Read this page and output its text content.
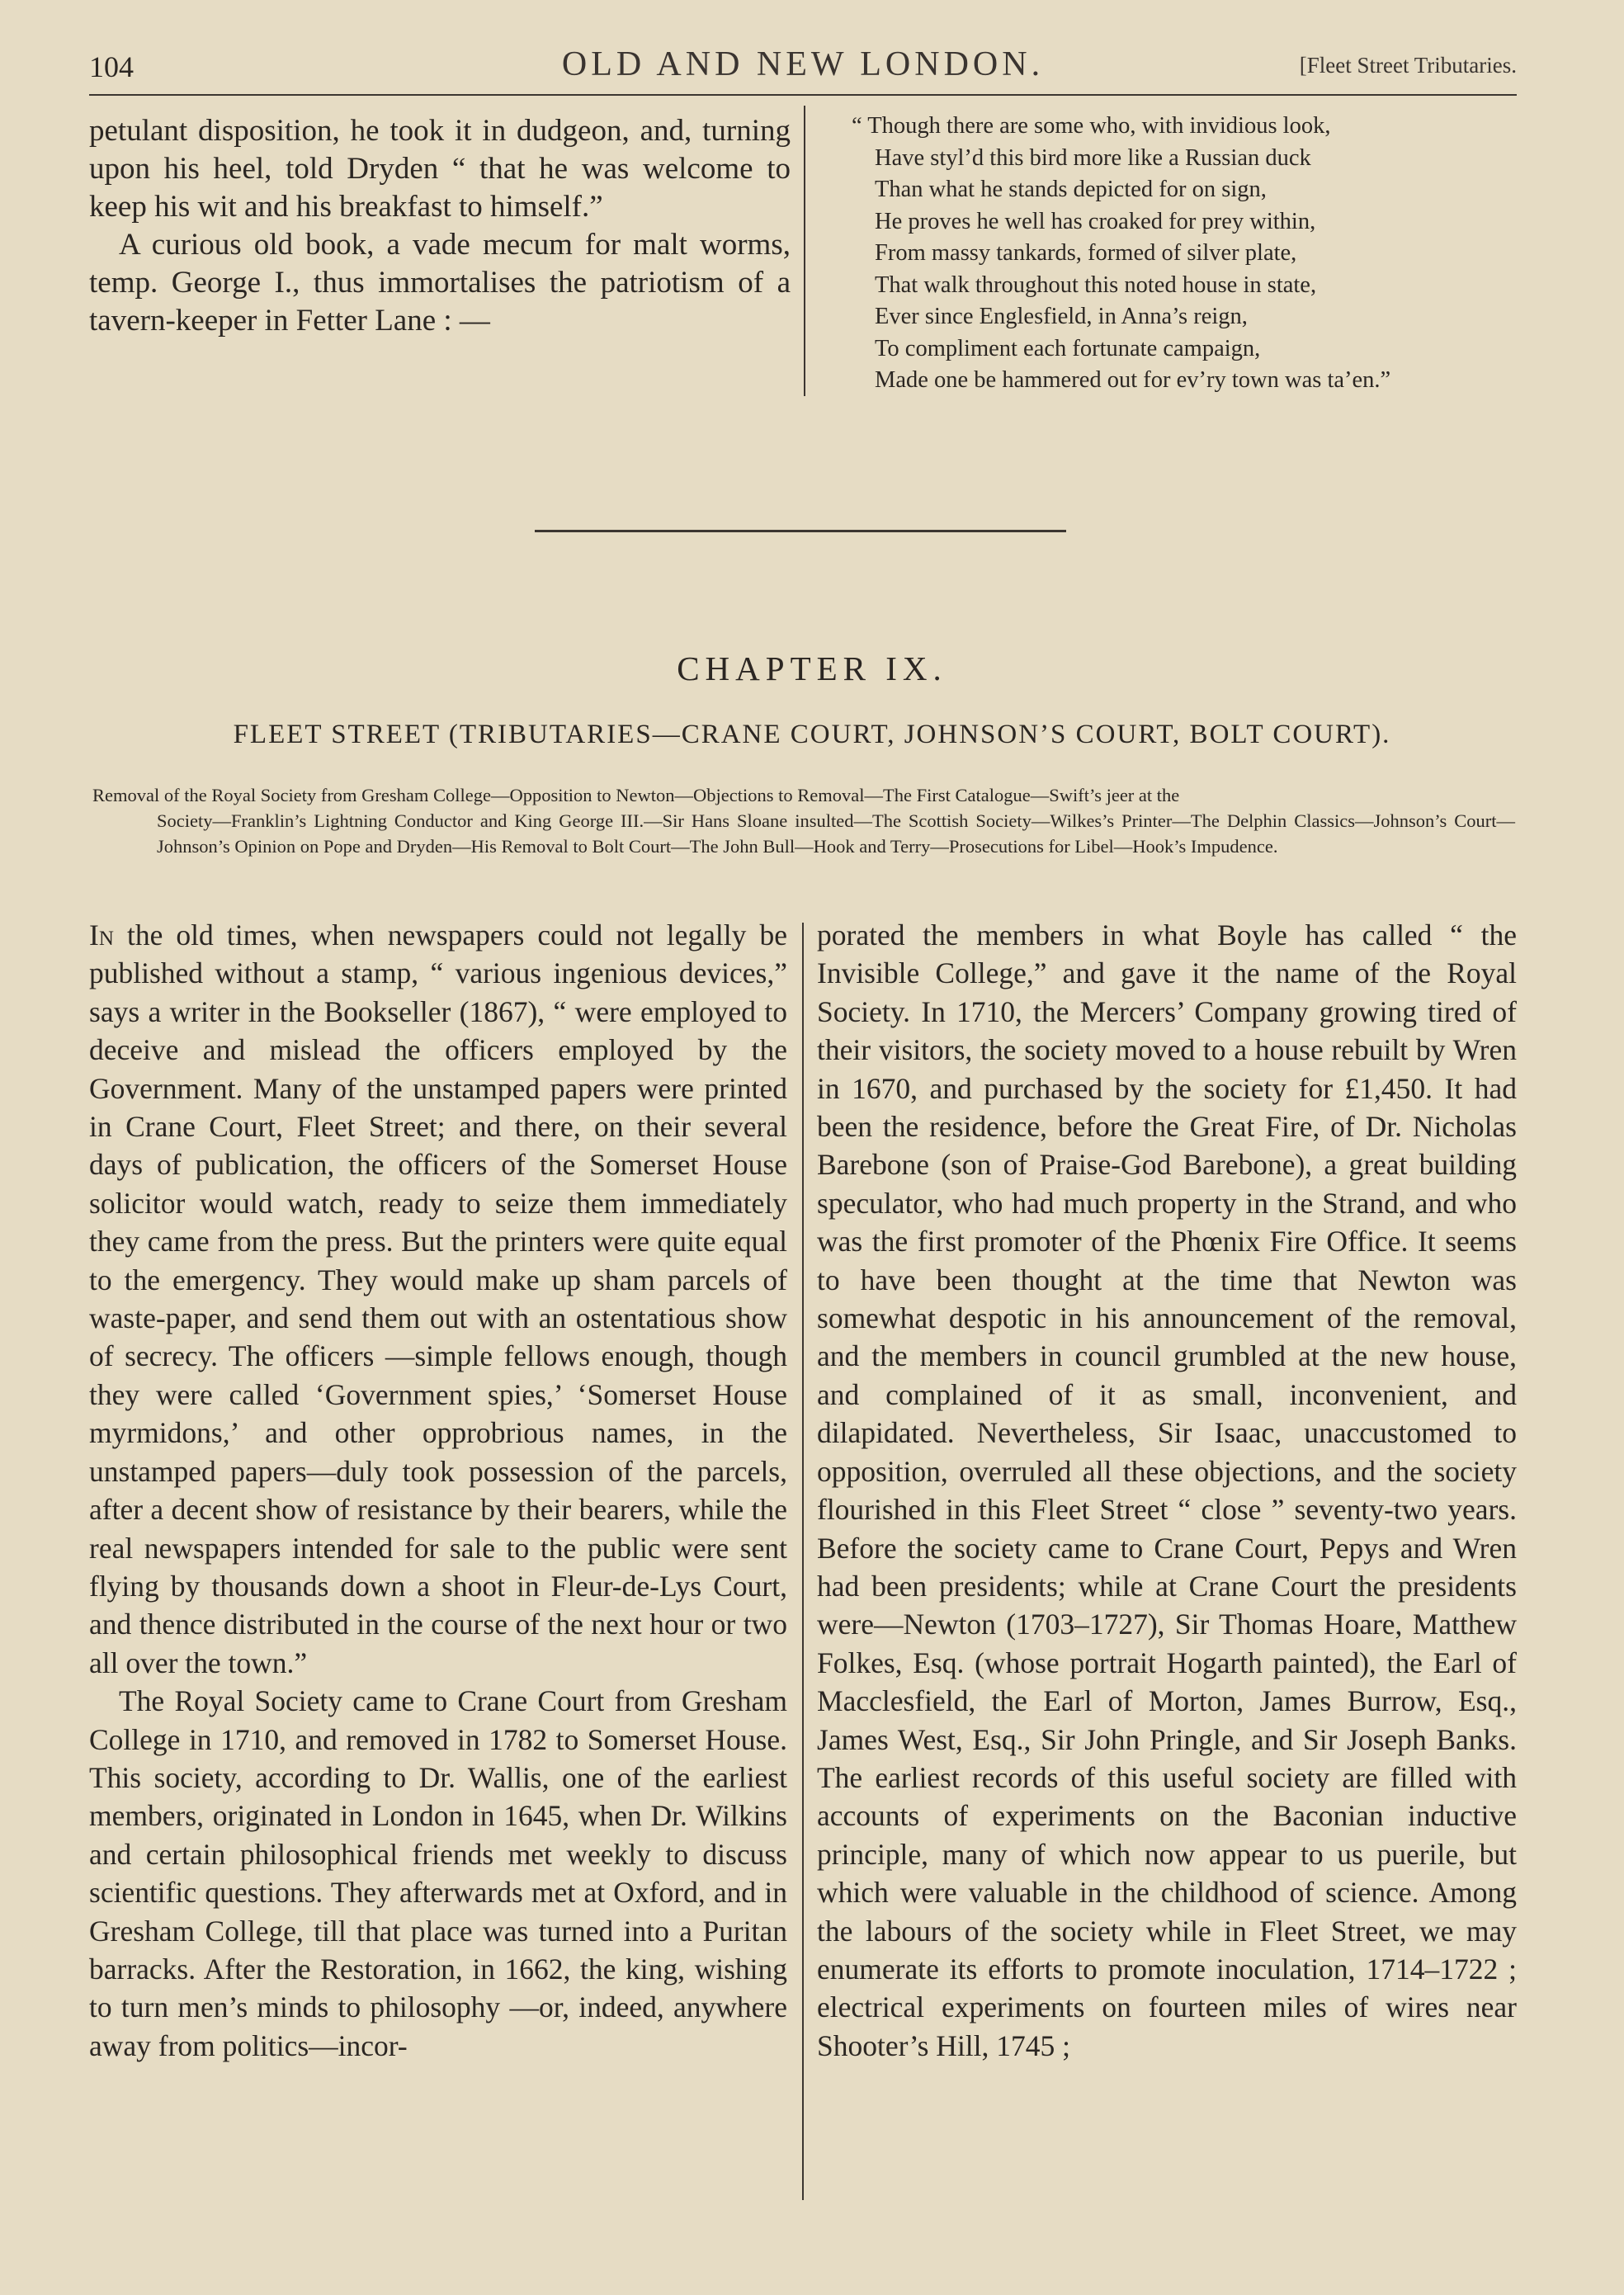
104	OLD AND NEW LONDON.	[Fleet Street Tributaries.

petulant disposition, he took it in dudgeon, and, turning upon his heel, told Dryden “ that he was welcome to keep his wit and his breakfast to himself.”

A curious old book, a vade mecum for malt worms, temp. George I., thus immortalises the patriotism of a tavern-keeper in Fetter Lane : —

“ Though there are some who, with invidious look,
Have styl’d this bird more like a Russian duck
Than what he stands depicted for on sign,
He proves he well has croaked for prey within,
From massy tankards, formed of silver plate,
That walk throughout this noted house in state,
Ever since Englesfield, in Anna’s reign,
To compliment each fortunate campaign,
Made one be hammered out for ev’ry town was ta’en.”
CHAPTER IX.
FLEET STREET (TRIBUTARIES—CRANE COURT, JOHNSON’S COURT, BOLT COURT).
Removal of the Royal Society from Gresham College—Opposition to Newton—Objections to Removal—The First Catalogue—Swift’s jeer at the
Society—Franklin’s Lightning Conductor and King George III.—Sir Hans Sloane insulted—The Scottish Society—Wilkes’s Printer—The Delphin Classics—Johnson’s Court—Johnson’s Opinion on Pope and Dryden—His Removal to Bolt Court—The John Bull—Hook and Terry—Prosecutions for Libel—Hook’s Impudence.

In the old times, when newspapers could not legally be published without a stamp, “ various ingenious devices,” says a writer in the Bookseller (1867), “ were employed to deceive and mislead the officers employed by the Government. Many of the unstamped papers were printed in Crane Court, Fleet Street; and there, on their several days of publication, the officers of the Somerset House solicitor would watch, ready to seize them immediately they came from the press. But the printers were quite equal to the emergency. They would make up sham parcels of waste-paper, and send them out with an ostentatious show of secrecy. The officers —simple fellows enough, though they were called ‘Government spies,’ ‘Somerset House myrmidons,’ and other opprobrious names, in the unstamped papers—duly took possession of the parcels, after a decent show of resistance by their bearers, while the real newspapers intended for sale to the public were sent flying by thousands down a shoot in Fleur-de-Lys Court, and thence distributed in the course of the next hour or two all over the town.”

The Royal Society came to Crane Court from Gresham College in 1710, and removed in 1782 to Somerset House. This society, according to Dr. Wallis, one of the earliest members, originated in London in 1645, when Dr. Wilkins and certain philosophical friends met weekly to discuss scientific questions. They afterwards met at Oxford, and in Gresham College, till that place was turned into a Puritan barracks. After the Restoration, in 1662, the king, wishing to turn men’s minds to philosophy —or, indeed, anywhere away from politics—incor-

porated the members in what Boyle has called “ the Invisible College,” and gave it the name of the Royal Society. In 1710, the Mercers’ Company growing tired of their visitors, the society moved to a house rebuilt by Wren in 1670, and purchased by the society for £1,450. It had been the residence, before the Great Fire, of Dr. Nicholas Barebone (son of Praise-God Barebone), a great building speculator, who had much property in the Strand, and who was the first promoter of the Phœnix Fire Office. It seems to have been thought at the time that Newton was somewhat despotic in his announcement of the removal, and the members in council grumbled at the new house, and complained of it as small, inconvenient, and dilapidated. Nevertheless, Sir Isaac, unaccustomed to opposition, overruled all these objections, and the society flourished in this Fleet Street “ close ” seventy-two years. Before the society came to Crane Court, Pepys and Wren had been presidents; while at Crane Court the presidents were—Newton (1703–1727), Sir Thomas Hoare, Matthew Folkes, Esq. (whose portrait Hogarth painted), the Earl of Macclesfield, the Earl of Morton, James Burrow, Esq., James West, Esq., Sir John Pringle, and Sir Joseph Banks. The earliest records of this useful society are filled with accounts of experiments on the Baconian inductive principle, many of which now appear to us puerile, but which were valuable in the childhood of science. Among the labours of the society while in Fleet Street, we may enumerate its efforts to promote inoculation, 1714–1722 ; electrical experiments on fourteen miles of wires near Shooter’s Hill, 1745 ;
